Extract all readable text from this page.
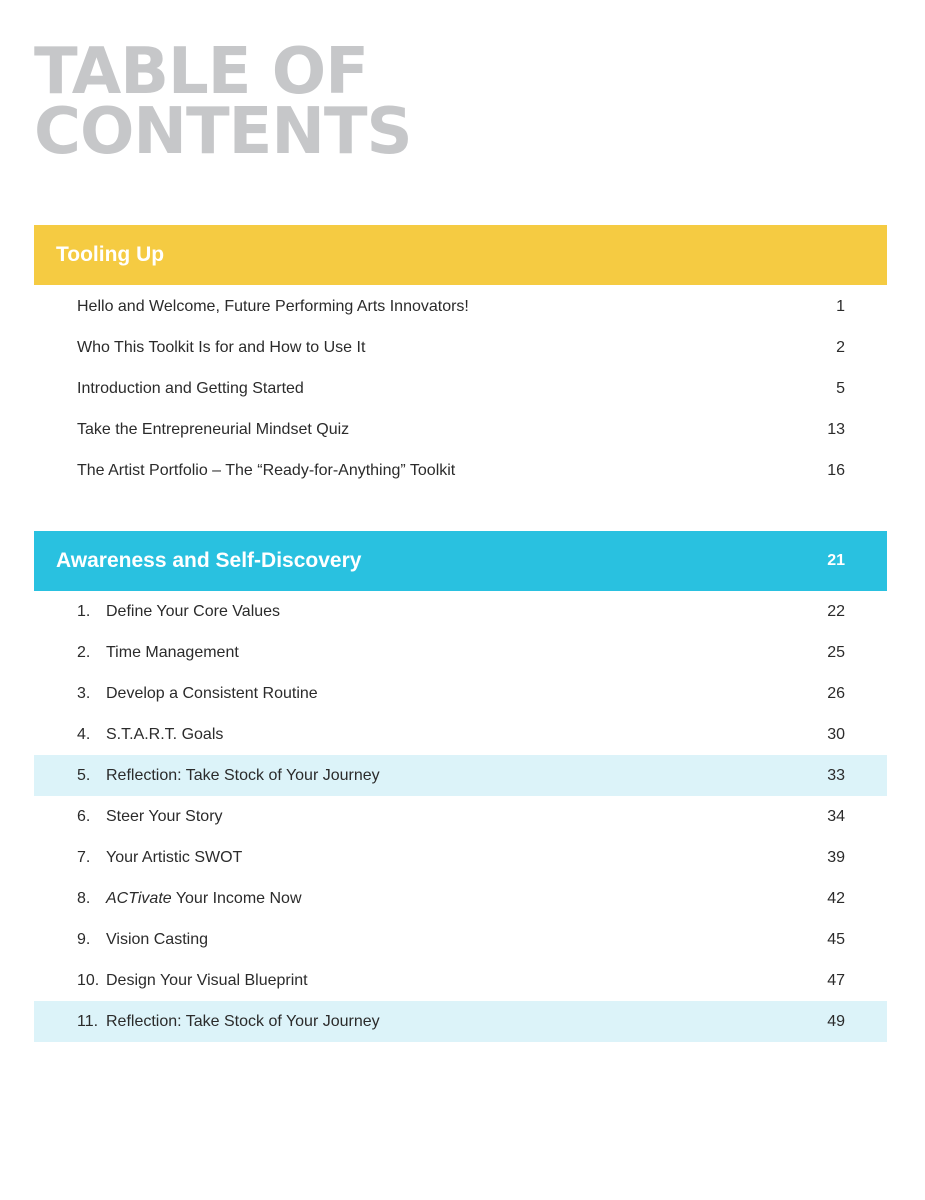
TABLE OF
CONTENTS
Tooling Up
Hello and Welcome, Future Performing Arts Innovators!	1
Who This Toolkit Is for and How to Use It	2
Introduction and Getting Started	5
Take the Entrepreneurial Mindset Quiz	13
The Artist Portfolio – The “Ready-for-Anything” Toolkit	16
Awareness and Self-Discovery	21
1. Define Your Core Values	22
2. Time Management	25
3. Develop a Consistent Routine	26
4. S.T.A.R.T. Goals	30
5. Reflection: Take Stock of Your Journey	33
6. Steer Your Story	34
7. Your Artistic SWOT	39
8. ACTivate Your Income Now	42
9. Vision Casting	45
10. Design Your Visual Blueprint	47
11. Reflection: Take Stock of Your Journey	49
